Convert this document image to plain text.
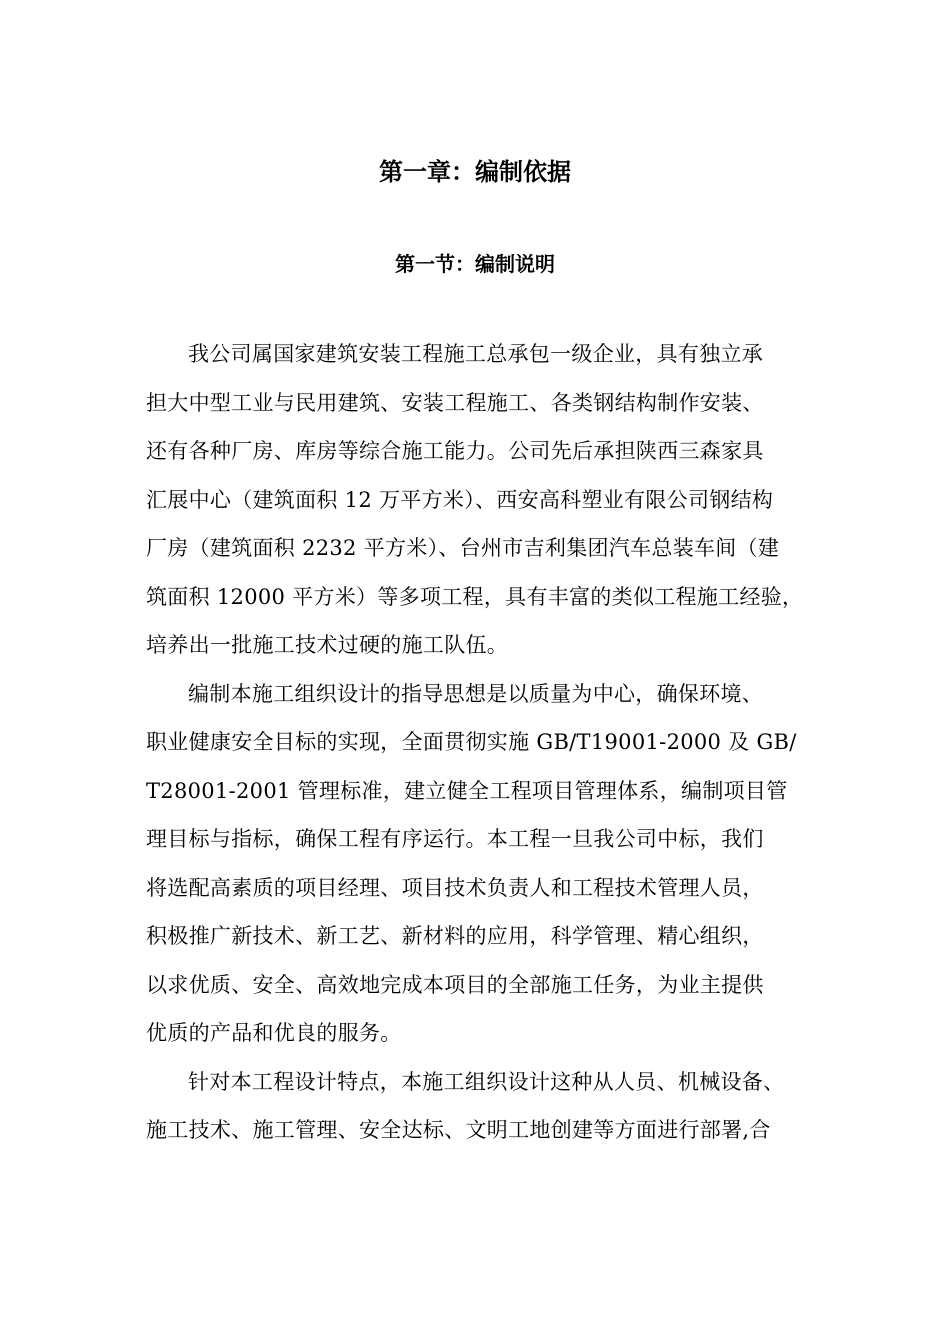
第一章：编制依据
第一节：编制说明
我公司属国家建筑安装工程施工总承包一级企业，具有独立承
担大中型工业与民用建筑、安装工程施工、各类钢结构制作安装、
还有各种厂房、库房等综合施工能力。公司先后承担陕西三森家具
汇展中心（建筑面积 12 万平方米）、西安高科塑业有限公司钢结构
厂房（建筑面积 2232 平方米）、台州市吉利集团汽车总装车间（建
筑面积 12000 平方米）等多项工程，具有丰富的类似工程施工经验，
培养出一批施工技术过硬的施工队伍。
编制本施工组织设计的指导思想是以质量为中心，确保环境、
职业健康安全目标的实现，全面贯彻实施 GB/T19001-2000 及 GB/
T28001-2001 管理标准，建立健全工程项目管理体系，编制项目管
理目标与指标，确保工程有序运行。本工程一旦我公司中标，我们
将选配高素质的项目经理、项目技术负责人和工程技术管理人员，
积极推广新技术、新工艺、新材料的应用，科学管理、精心组织，
以求优质、安全、高效地完成本项目的全部施工任务，为业主提供
优质的产品和优良的服务。
针对本工程设计特点，本施工组织设计这种从人员、机械设备、
施工技术、施工管理、安全达标、文明工地创建等方面进行部署,合
